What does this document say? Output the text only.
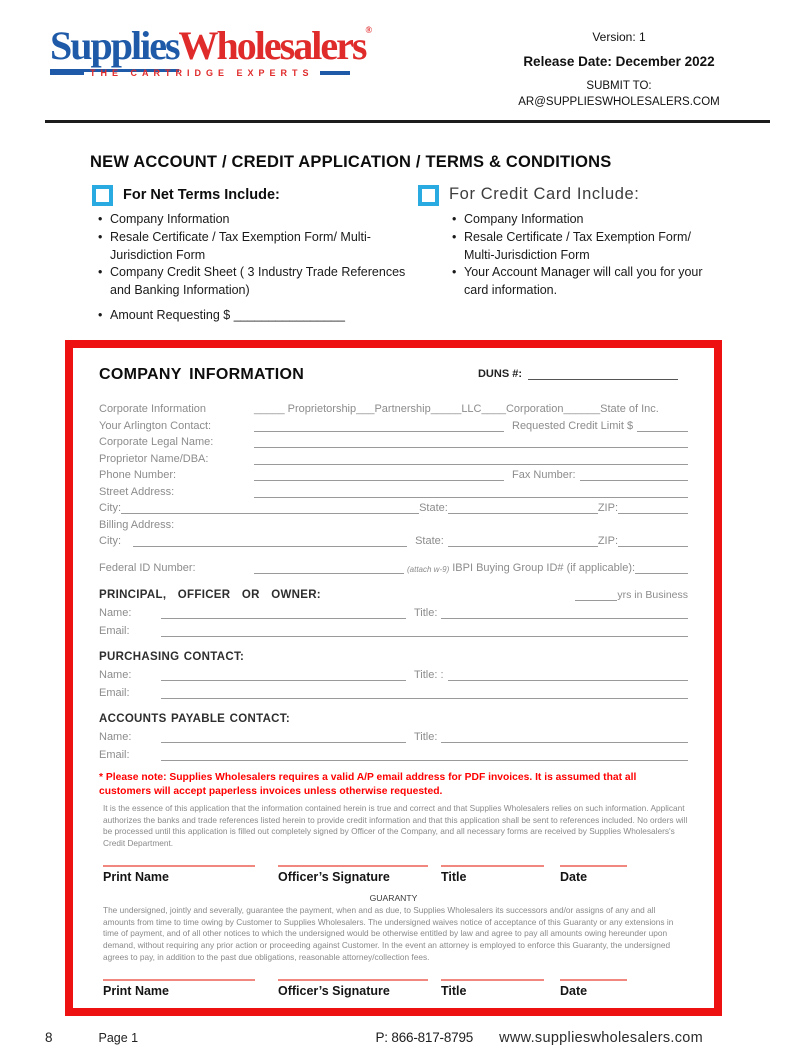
SuppliesWholesalers®
THE CARTRIDGE EXPERTS
Version: 1
Release Date: December 2022
SUBMIT TO:
AR@SUPPLIESWHOLESALERS.COM
NEW ACCOUNT / CREDIT APPLICATION / TERMS & CONDITIONS
For Net Terms Include:
• Company Information
• Resale Certificate / Tax Exemption Form/ Multi-Jurisdiction Form
• Company Credit Sheet ( 3 Industry Trade References and Banking Information)
• Amount Requesting $ ________________
For Credit Card Include:
• Company Information
• Resale Certificate / Tax Exemption Form/ Multi-Jurisdiction Form
• Your Account Manager will call you for your card information.
COMPANY INFORMATION	DUNS #:
Corporate Information	_____ Proprietorship___Partnership_____LLC____Corporation______State of Inc.
Your Arlington Contact:	Requested Credit Limit $
Corporate Legal Name:
Proprietor Name/DBA:
Phone Number:	Fax Number:
Street Address:
City:	State:	ZIP:
Billing Address:
City:	State:	ZIP:
Federal ID Number:	(attach w-9) IBPI Buying Group ID# (if applicable):
PRINCIPAL, OFFICER OR OWNER:	yrs in Business
Name:	Title:
Email:
PURCHASING CONTACT:
Name:	Title: :
Email:
ACCOUNTS PAYABLE CONTACT:
Name:	Title:
Email:
* Please note: Supplies Wholesalers requires a valid A/P email address for PDF invoices. It is assumed that all customers will accept paperless invoices unless otherwise requested.
It is the essence of this application that the information contained herein is true and correct and that Supplies Wholesalers relies on such information. Applicant authorizes the banks and trade references listed herein to provide credit information and that this application shall be sent to references included. No orders will be processed until this application is filled out completely signed by Officer of the Company, and all necessary forms are received by Supplies Wholesalers's Credit Department.
Print Name	Officer’s Signature	Title	Date
GUARANTY
The undersigned, jointly and severally, guarantee the payment, when and as due, to Supplies Wholesalers its successors and/or assigns of any and all amounts from time to time owing by Customer to Supplies Wholesalers. The undersigned waives notice of acceptance of this Guaranty or any extensions in time of payment, and of all other notices to which the undersigned would be otherwise entitled by law and agree to pay all amounts owing hereunder upon demand, without requiring any prior action or proceeding against Customer. In the event an attorney is employed to enforce this Guaranty, the undersigned agrees to pay, in addition to the past due obligations, reasonable attorney/collection fees.
Print Name	Officer’s Signature	Title	Date
8	Page 1	P: 866-817-8795 www.supplieswholesalers.com
